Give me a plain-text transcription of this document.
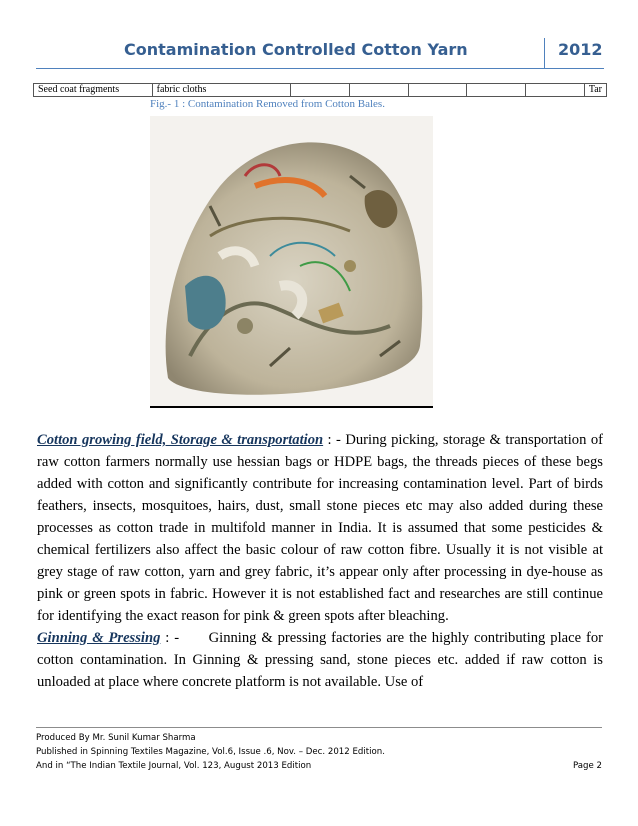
Contamination Controlled Cotton Yarn	2012
Seed coat fragments	fabric cloths						Tar
Fig.- 1 : Contamination Removed from Cotton Bales.

Cotton growing field, Storage & transportation : - During picking, storage & transportation of raw cotton farmers normally use hessian bags or HDPE bags, the threads pieces of these begs added with cotton and significantly contribute for increasing contamination level. Part of birds feathers, insects, mosquitoes, hairs, dust, small stone pieces etc may also added during these processes as cotton trade in multifold manner in India. It is assumed that some pesticides & chemical fertilizers also affect the basic colour of raw cotton fibre. Usually it is not visible at grey stage of raw cotton, yarn and grey fabric, it’s appear only after processing in dye-house as pink or green spots in fabric. However it is not established fact and researches are still continue for identifying the exact reason for pink & green spots after bleaching.

Ginning & Pressing : -      Ginning & pressing factories are the highly contributing place for cotton contamination. In Ginning & pressing sand, stone pieces etc. added if raw cotton is unloaded at place where concrete platform is not available. Use of

Produced By Mr. Sunil Kumar Sharma
Published in Spinning Textiles Magazine, Vol.6, Issue .6, Nov. – Dec. 2012 Edition.
And in “The Indian Textile Journal, Vol. 123, August 2013 Edition	Page 2
